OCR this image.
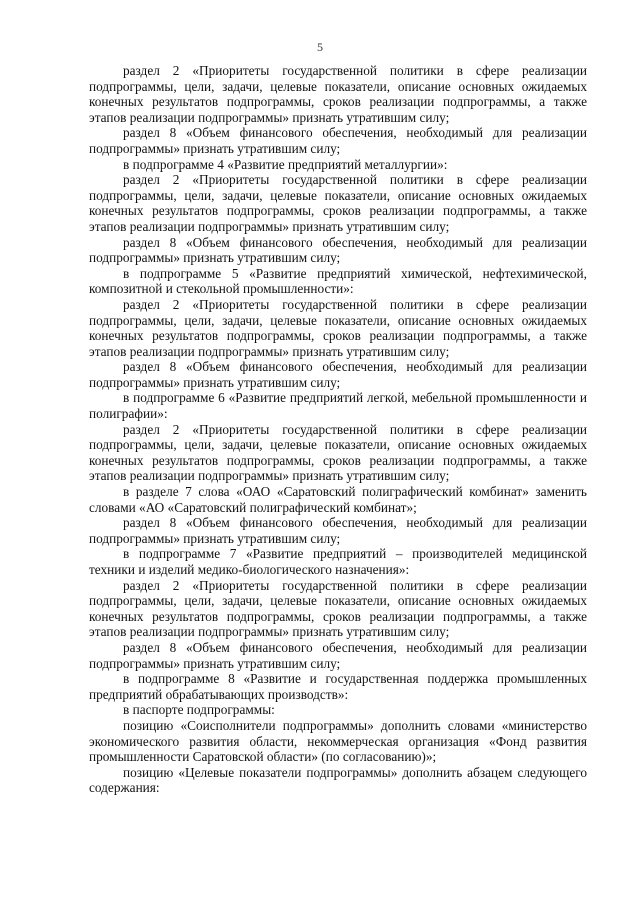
5

раздел 2 «Приоритеты государственной политики в сфере реализации подпрограммы, цели, задачи, целевые показатели, описание основных ожидаемых конечных результатов подпрограммы, сроков реализации подпрограммы, а также этапов реализации подпрограммы» признать утратившим силу;

раздел 8 «Объем финансового обеспечения, необходимый для реализации подпрограммы» признать утратившим силу;

в подпрограмме 4 «Развитие предприятий металлургии»:

раздел 2 «Приоритеты государственной политики в сфере реализации подпрограммы, цели, задачи, целевые показатели, описание основных ожидаемых конечных результатов подпрограммы, сроков реализации подпрограммы, а также этапов реализации подпрограммы» признать утратившим силу;

раздел 8 «Объем финансового обеспечения, необходимый для реализации подпрограммы» признать утратившим силу;

в подпрограмме 5 «Развитие предприятий химической, нефтехимической, композитной и стекольной промышленности»:

раздел 2 «Приоритеты государственной политики в сфере реализации подпрограммы, цели, задачи, целевые показатели, описание основных ожидаемых конечных результатов подпрограммы, сроков реализации подпрограммы, а также этапов реализации подпрограммы» признать утратившим силу;

раздел 8 «Объем финансового обеспечения, необходимый для реализации подпрограммы» признать утратившим силу;

в подпрограмме 6 «Развитие предприятий легкой, мебельной промышленности и полиграфии»:

раздел 2 «Приоритеты государственной политики в сфере реализации подпрограммы, цели, задачи, целевые показатели, описание основных ожидаемых конечных результатов подпрограммы, сроков реализации подпрограммы, а также этапов реализации подпрограммы» признать утратившим силу;

в разделе 7 слова «ОАО «Саратовский полиграфический комбинат» заменить словами «АО «Саратовский полиграфический комбинат»;

раздел 8 «Объем финансового обеспечения, необходимый для реализации подпрограммы» признать утратившим силу;

в подпрограмме 7 «Развитие предприятий – производителей медицинской техники и изделий медико-биологического назначения»:

раздел 2 «Приоритеты государственной политики в сфере реализации подпрограммы, цели, задачи, целевые показатели, описание основных ожидаемых конечных результатов подпрограммы, сроков реализации подпрограммы, а также этапов реализации подпрограммы» признать утратившим силу;

раздел 8 «Объем финансового обеспечения, необходимый для реализации подпрограммы» признать утратившим силу;

в подпрограмме 8 «Развитие и государственная поддержка промышленных предприятий обрабатывающих производств»:

в паспорте подпрограммы:

позицию «Соисполнители подпрограммы» дополнить словами «министерство экономического развития области, некоммерческая организация «Фонд развития промышленности Саратовской области» (по согласованию)»;

позицию «Целевые показатели подпрограммы» дополнить абзацем следующего содержания:
